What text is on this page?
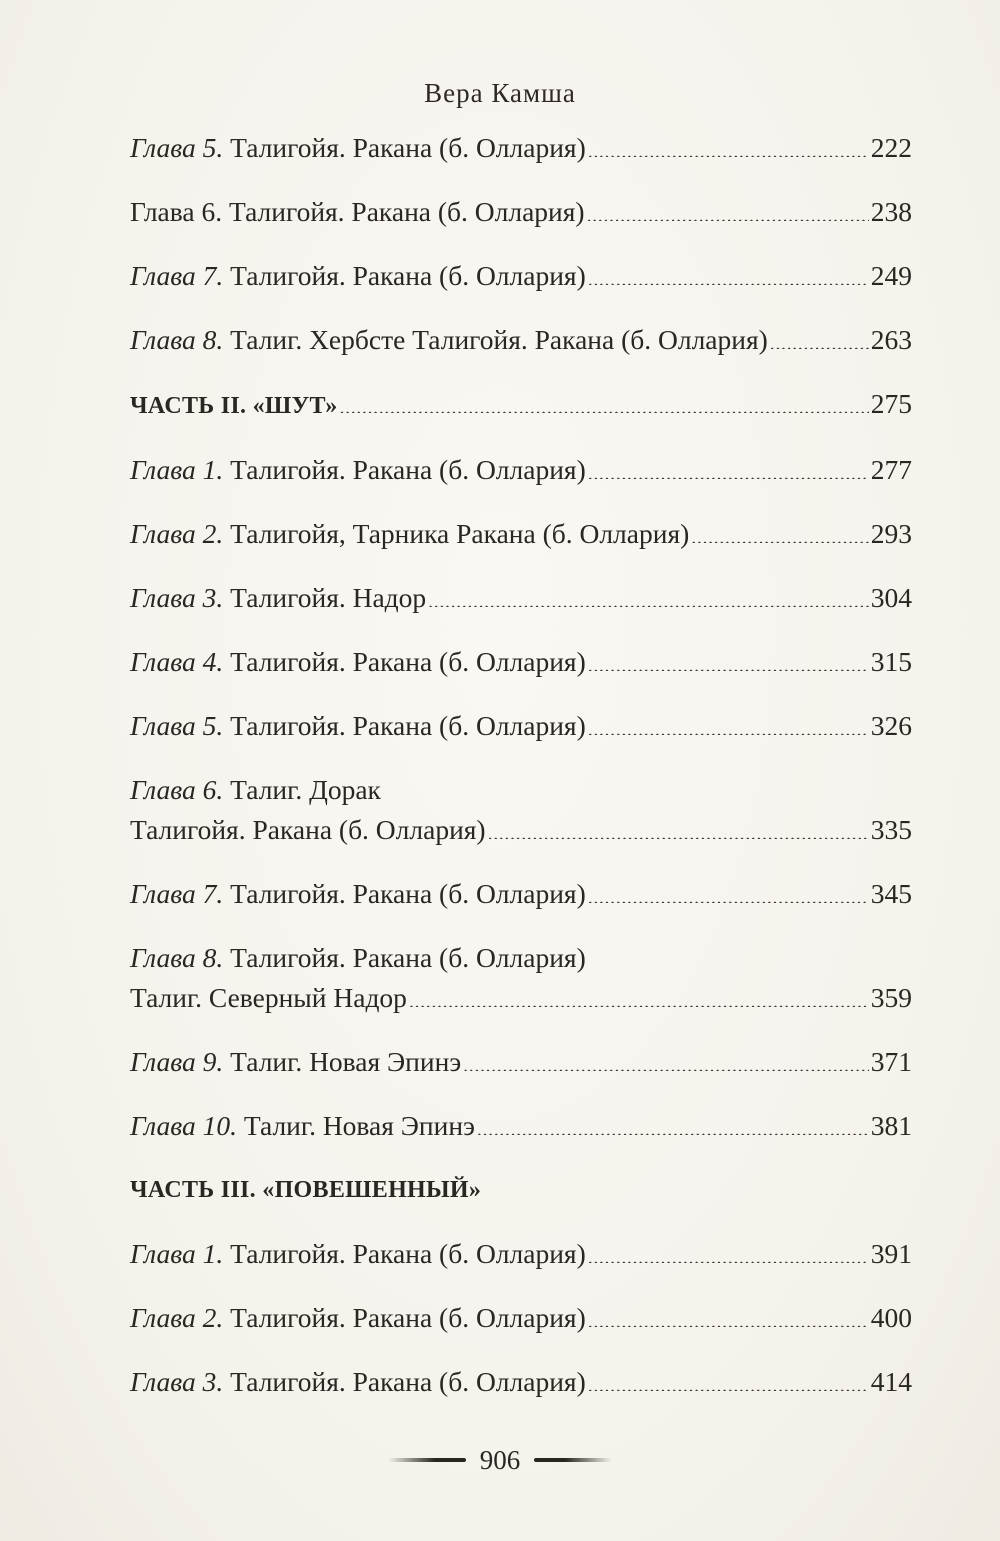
Вера Камша
Глава 5. Талигойя. Ракана (б. Оллария) . . .	222
Глава 6. Талигойя. Ракана (б. Оллария) . . .	238
Глава 7. Талигойя. Ракана (б. Оллария) . . .	249
Глава 8. Талиг. Хербсте Талигойя. Ракана (б. Оллария) . . .	263
ЧАСТЬ II. «ШУТ» . . .	275
Глава 1. Талигойя. Ракана (б. Оллария) . . .	277
Глава 2. Талигойя, Тарника Ракана (б. Оллария) . . .	293
Глава 3. Талигойя. Надор . . .	304
Глава 4. Талигойя. Ракана (б. Оллария) . . .	315
Глава 5. Талигойя. Ракана (б. Оллария) . . .	326
Глава 6. Талиг. Дорак
Талигойя. Ракана (б. Оллария) . . .	335
Глава 7. Талигойя. Ракана (б. Оллария) . . .	345
Глава 8. Талигойя. Ракана (б. Оллария)
Талиг. Северный Надор . . .	359
Глава 9. Талиг. Новая Эпинэ . . .	371
Глава 10. Талиг. Новая Эпинэ . . .	381
ЧАСТЬ III. «ПОВЕШЕННЫЙ»
Глава 1. Талигойя. Ракана (б. Оллария) . . .	391
Глава 2. Талигойя. Ракана (б. Оллария) . . .	400
Глава 3. Талигойя. Ракана (б. Оллария) . . .	414
906
